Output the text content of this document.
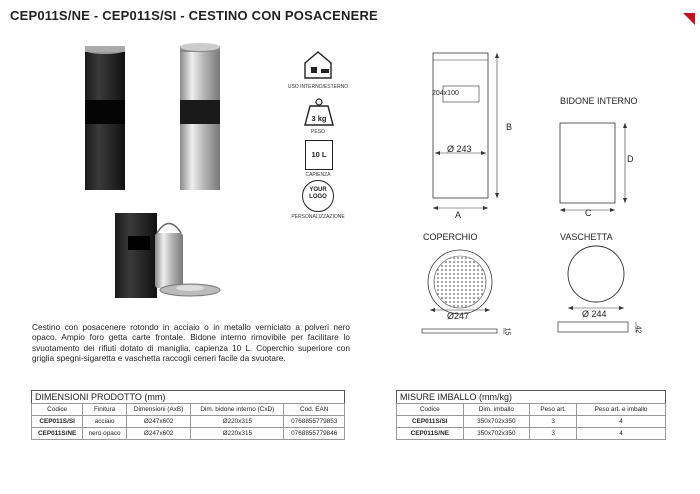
CEP011S/NE - CEP011S/SI - CESTINO CON POSACENERE
USO INTERNO/ESTERNO
3 kg
PESO
10 L
CAPIENZA
YOUR
LOGO
PERSONALIZZAZIONE
204x100
Ø 243
B
A
BIDONE INTERNO
D
C
COPERCHIO
Ø247
15
VASCHETTA
Ø 244
42
Cestino con posacenere rotondo in acciaio o in metallo verniciato a polveri nero opaco. Ampio foro getta carte frontale. Bidone interno rimovibile per facilitare lo svuotamento dei rifiuti dotato di maniglia, capienza 10 L. Coperchio superiore con griglia spegni-sigaretta e vaschetta raccogli ceneri facile da svuotare.
DIMENSIONI PRODOTTO (mm)
Codice	Finitura	Dimensioni (AxB)	Dim. bidone interno (CxD)	Cod. EAN
CEP011S/SI	acciaio	Ø247x602	Ø220x315	0768855779853
CEP011S/NE	nero opaco	Ø247x602	Ø220x315	0768855779846
MISURE IMBALLO (mm/kg)
Codice	Dim. imballo	Peso art.	Peso art. e imballo
CEP011S/SI	350x702x350	3	4
CEP011S/NE	350x702x350	3	4
